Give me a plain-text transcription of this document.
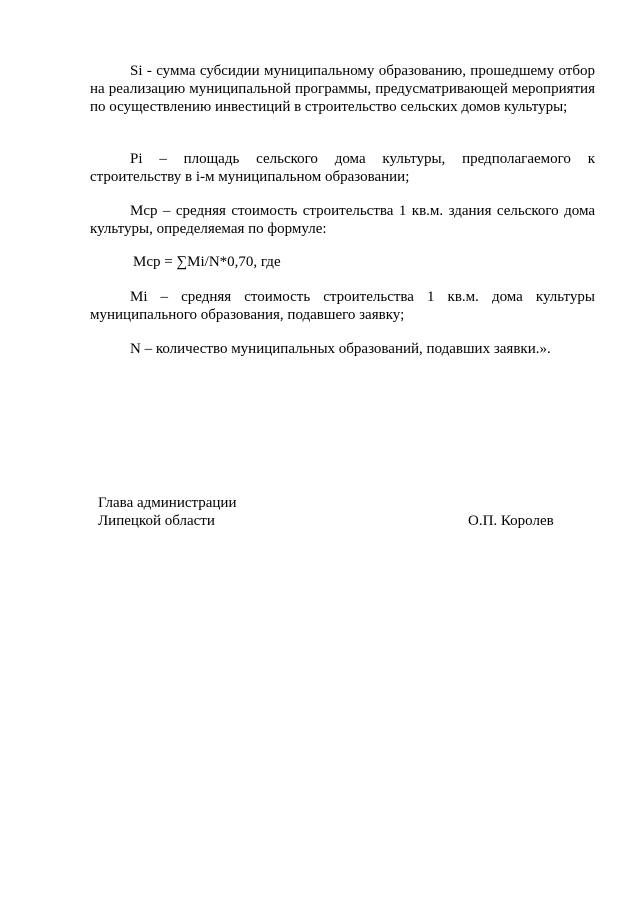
Si - сумма субсидии муниципальному образованию, прошедшему отбор на реализацию муниципальной программы, предусматривающей мероприятия по осуществлению инвестиций в строительство сельских домов культуры;

Pi – площадь сельского дома культуры, предполагаемого к строительству в i-м муниципальном образовании;

Мср – средняя стоимость строительства 1 кв.м. здания сельского дома культуры, определяемая по формуле:

Мср = ∑Mi/N*0,70, где

Mi – средняя стоимость строительства 1 кв.м. дома культуры муниципального образования, подавшего заявку;

N – количество муниципальных образований, подавших заявки.».

Глава администрации

Липецкой области	О.П. Королев
